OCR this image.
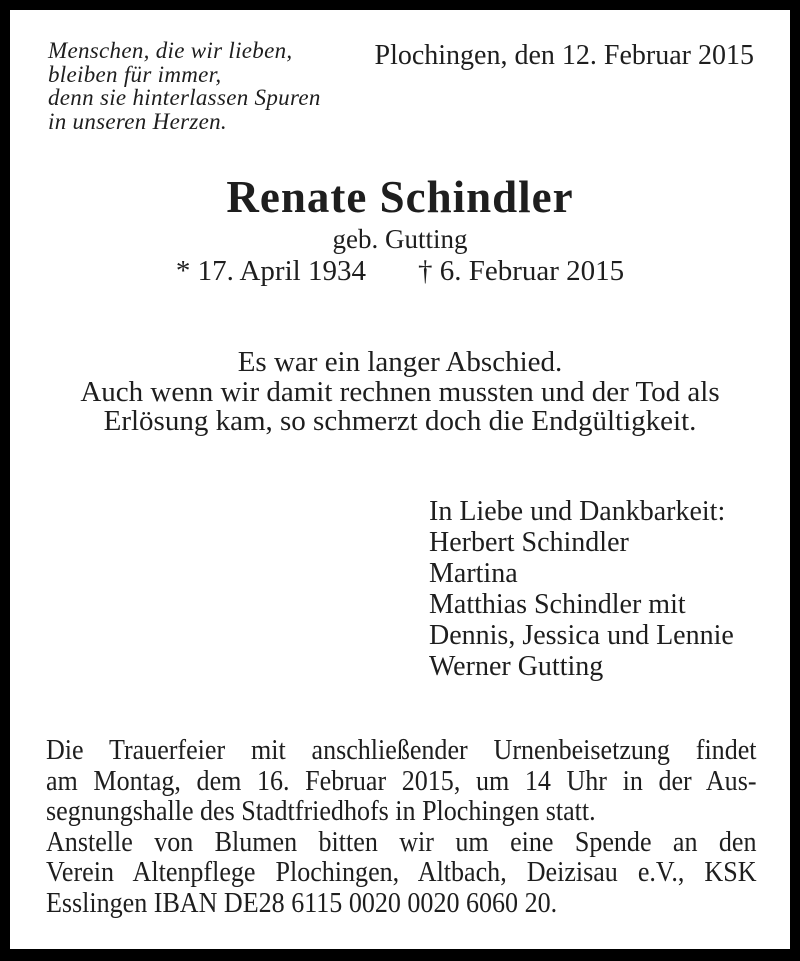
Menschen, die wir lieben,
bleiben für immer,
denn sie hinterlassen Spuren
in unseren Herzen.
Plochingen, den 12. Februar 2015
Renate Schindler
geb. Gutting
* 17. April 1934 † 6. Februar 2015
Es war ein langer Abschied.
Auch wenn wir damit rechnen mussten und der Tod als
Erlösung kam, so schmerzt doch die Endgültigkeit.
In Liebe und Dankbarkeit:
Herbert Schindler
Martina
Matthias Schindler mit
Dennis, Jessica und Lennie
Werner Gutting
Die Trauerfeier mit anschließender Urnenbeisetzung findet
am Montag, dem 16. Februar 2015, um 14 Uhr in der Aus-
segnungshalle des Stadtfriedhofs in Plochingen statt.
Anstelle von Blumen bitten wir um eine Spende an den
Verein Altenpflege Plochingen, Altbach, Deizisau e.V., KSK
Esslingen IBAN DE28 6115 0020 0020 6060 20.
